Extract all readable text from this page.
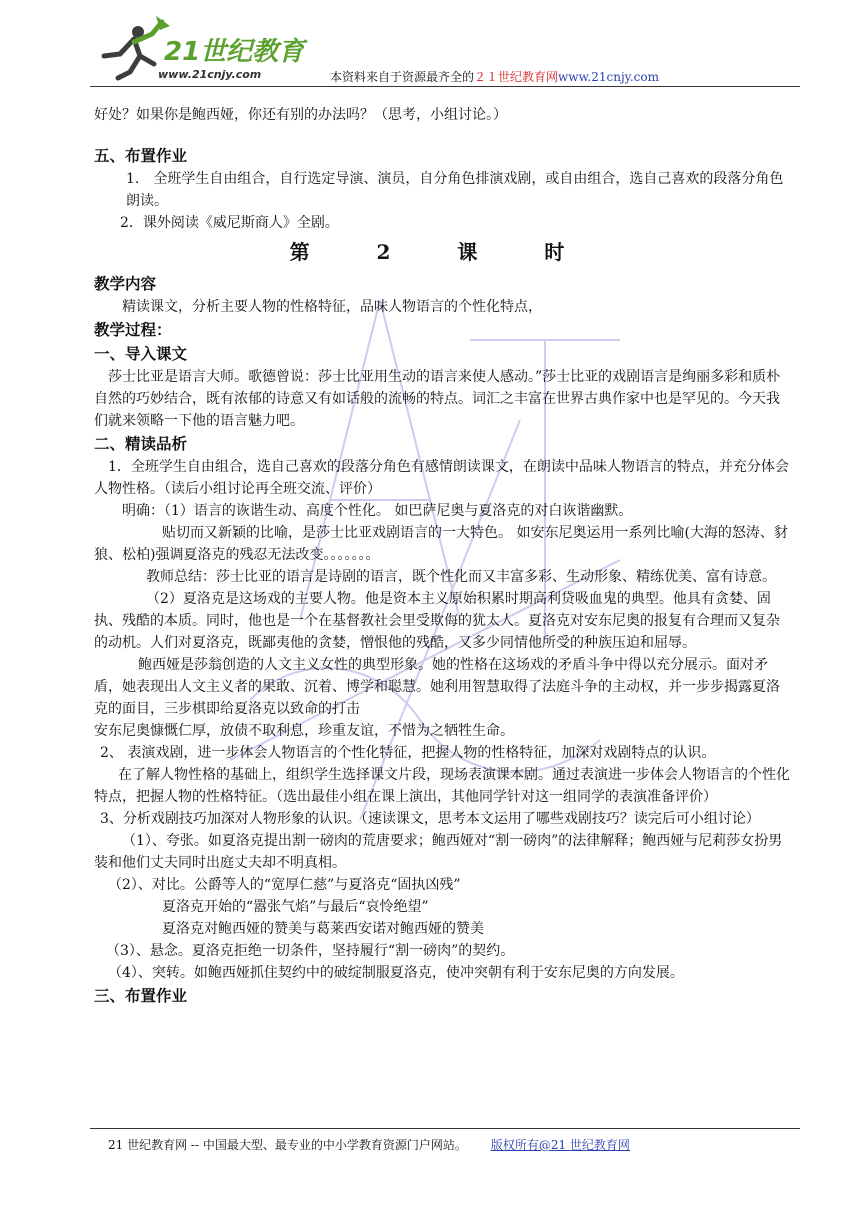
21世纪教育
www.21cnjy.com	本资料来自于资源最齐全的２１世纪教育网www.21cnjy.com

好处？如果你是鲍西娅，你还有别的办法吗？（思考，小组讨论。）

五、布置作业

1.　全班学生自由组合，自行选定导演、演员，自分角色排演戏剧，或自由组合，选自己喜欢的段落分角色朗读。

2．课外阅读《威尼斯商人》全剧。

第 2 课 时

教学内容

精读课文，分析主要人物的性格特征，品味人物语言的个性化特点，

教学过程：

一、导入课文

莎士比亚是语言大师。歌德曾说：莎士比亚用生动的语言来使人感动。”莎士比亚的戏剧语言是绚丽多彩和质朴自然的巧妙结合，既有浓郁的诗意又有如话般的流畅的特点。词汇之丰富在世界古典作家中也是罕见的。今天我们就来领略一下他的语言魅力吧。

二、精读品析

1．全班学生自由组合，选自己喜欢的段落分角色有感情朗读课文，在朗读中品味人物语言的特点，并充分体会人物性格。（读后小组讨论再全班交流、评价）

明确：（1）语言的诙谐生动、高度个性化。 如巴萨尼奥与夏洛克的对白诙谐幽默。

贴切而又新颖的比喻，是莎士比亚戏剧语言的一大特色。 如安东尼奥运用一系列比喻(大海的怒涛、豺狼、松柏)强调夏洛克的残忍无法改变。。。。。。。

教师总结：莎士比亚的语言是诗剧的语言，既个性化而又丰富多彩、生动形象、精练优美、富有诗意。

（2）夏洛克是这场戏的主要人物。他是资本主义原始积累时期高利贷吸血鬼的典型。他具有贪婪、固执、残酷的本质。同时，他也是一个在基督教社会里受欺侮的犹太人。夏洛克对安东尼奥的报复有合理而又复杂的动机。人们对夏洛克，既鄙夷他的贪婪，憎恨他的残酷，又多少同情他所受的种族压迫和屈辱。

鲍西娅是莎翁创造的人文主义女性的典型形象。她的性格在这场戏的矛盾斗争中得以充分展示。面对矛盾，她表现出人文主义者的果敢、沉着、博学和聪慧。她利用智慧取得了法庭斗争的主动权，并一步步揭露夏洛克的面目，三步棋即给夏洛克以致命的打击

安东尼奥慷慨仁厚，放债不取利息，珍重友谊，不惜为之牺牲生命。

2、 表演戏剧，进一步体会人物语言的个性化特征，把握人物的性格特征，加深对戏剧特点的认识。

在了解人物性格的基础上，组织学生选择课文片段，现场表演课本剧。通过表演进一步体会人物语言的个性化特点，把握人物的性格特征。（选出最佳小组在课上演出，其他同学针对这一组同学的表演准备评价）

3、分析戏剧技巧加深对人物形象的认识。（速读课文，思考本文运用了哪些戏剧技巧？读完后可小组讨论）

（1）、夸张。如夏洛克提出割一磅肉的荒唐要求；鲍西娅对“割一磅肉”的法律解释；鲍西娅与尼莉莎女扮男装和他们丈夫同时出庭丈夫却不明真相。

（2）、对比。公爵等人的“宽厚仁慈”与夏洛克“固执凶残”

夏洛克开始的“嚣张气焰”与最后“哀怜绝望”

夏洛克对鲍西娅的赞美与葛莱西安诺对鲍西娅的赞美

（3）、悬念。夏洛克拒绝一切条件，坚持履行“割一磅肉”的契约。

（4）、突转。如鲍西娅抓住契约中的破绽制服夏洛克，使冲突朝有利于安东尼奥的方向发展。

三、布置作业

21 世纪教育网 -- 中国最大型、最专业的中小学教育资源门户网站。 版权所有@21 世纪教育网
